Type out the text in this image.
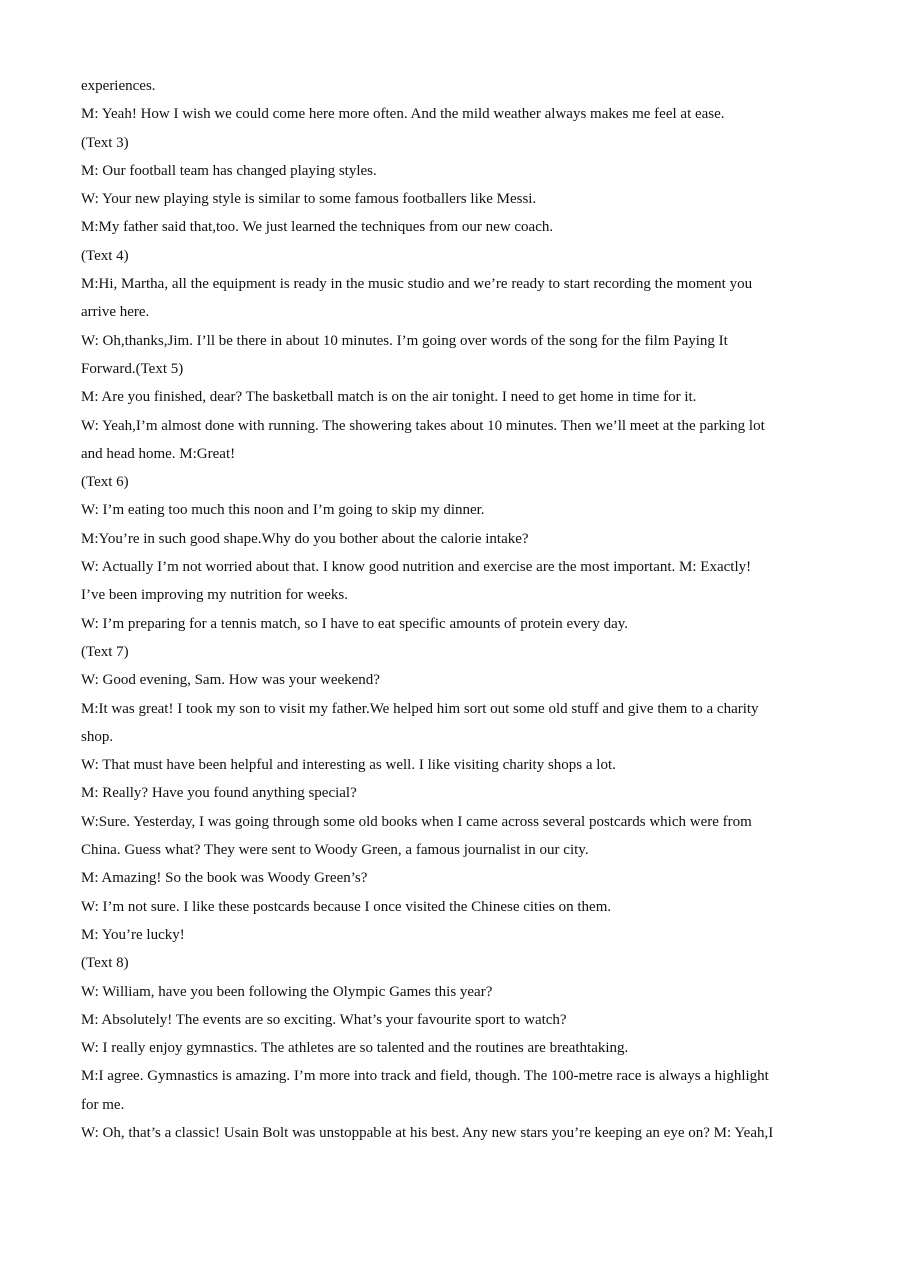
experiences.
M: Yeah! How I wish we could come here more often. And the mild weather always makes me feel at ease.
(Text 3)
M: Our football team has changed playing styles.
W: Your new playing style is similar to some famous footballers like Messi.
M:My father said that,too. We just learned the techniques from our new coach.
(Text 4)
M:Hi, Martha, all the equipment is ready in the music studio and we’re ready to start recording the moment you
arrive here.
W: Oh,thanks,Jim. I’ll be there in about 10 minutes. I’m going over words of the song for the film Paying It
Forward.(Text 5)
M: Are you finished, dear? The basketball match is on the air tonight. I need to get home in time for it.
W: Yeah,I’m almost done with running. The showering takes about 10 minutes. Then we’ll meet at the parking lot
and head home. M:Great!
(Text 6)
W: I’m eating too much this noon and I’m going to skip my dinner.
M:You’re in such good shape.Why do you bother about the calorie intake?
W: Actually I’m not worried about that. I know good nutrition and exercise are the most important. M: Exactly!
I’ve been improving my nutrition for weeks.
W: I’m preparing for a tennis match, so I have to eat specific amounts of protein every day.
(Text 7)
W: Good evening, Sam. How was your weekend?
M:It was great! I took my son to visit my father.We helped him sort out some old stuff and give them to a charity
shop.
W: That must have been helpful and interesting as well. I like visiting charity shops a lot.
M: Really? Have you found anything special?
W:Sure. Yesterday, I was going through some old books when I came across several postcards which were from
China. Guess what? They were sent to Woody Green, a famous journalist in our city.
M: Amazing! So the book was Woody Green’s?
W: I’m not sure. I like these postcards because I once visited the Chinese cities on them.
M: You’re lucky!
(Text 8)
W: William, have you been following the Olympic Games this year?
M: Absolutely! The events are so exciting. What’s your favourite sport to watch?
W: I really enjoy gymnastics. The athletes are so talented and the routines are breathtaking.
M:I agree. Gymnastics is amazing. I’m more into track and field, though. The 100-metre race is always a highlight
for me.
W: Oh, that’s a classic! Usain Bolt was unstoppable at his best. Any new stars you’re keeping an eye on? M: Yeah,I
